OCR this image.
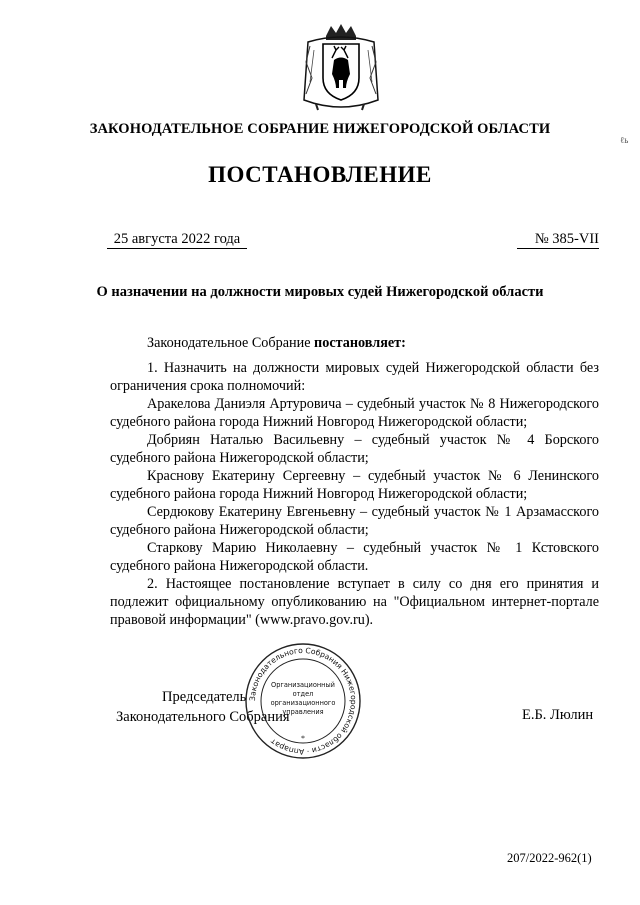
ЗАКОНОДАТЕЛЬНОЕ СОБРАНИЕ НИЖЕГОРОДСКОЙ ОБЛАСТИ
ℓь
ПОСТАНОВЛЕНИЕ
25 августа 2022 года	№ 385-VII
О назначении на должности мировых судей Нижегородской области

Законодательное Собрание постановляет:

1. Назначить на должности мировых судей Нижегородской области без ограничения срока полномочий:

Аракелова Даниэля Артуровича – судебный участок № 8 Нижегородского судебного района города Нижний Новгород Нижегородской области;

Добриян Наталью Васильевну – судебный участок № 4 Борского судебного района Нижегородской области;

Краснову Екатерину Сергеевну – судебный участок № 6 Ленинского судебного района города Нижний Новгород Нижегородской области;

Сердюкову Екатерину Евгеньевну – судебный участок № 1 Арзамасского судебного района Нижегородской области;

Старкову Марию Николаевну – судебный участок № 1 Кстовского судебного района Нижегородской области.

2. Настоящее постановление вступает в силу со дня его принятия и подлежит официальному опубликованию на "Официальном интернет-портале правовой информации" (www.pravo.gov.ru).

Председатель
Законодательного Собрания	Е.Б. Люлин
Законодательного Собрания Нижегородской области · Аппарат
Организационный
отдел
организационного
управления
*
207/2022-962(1)
